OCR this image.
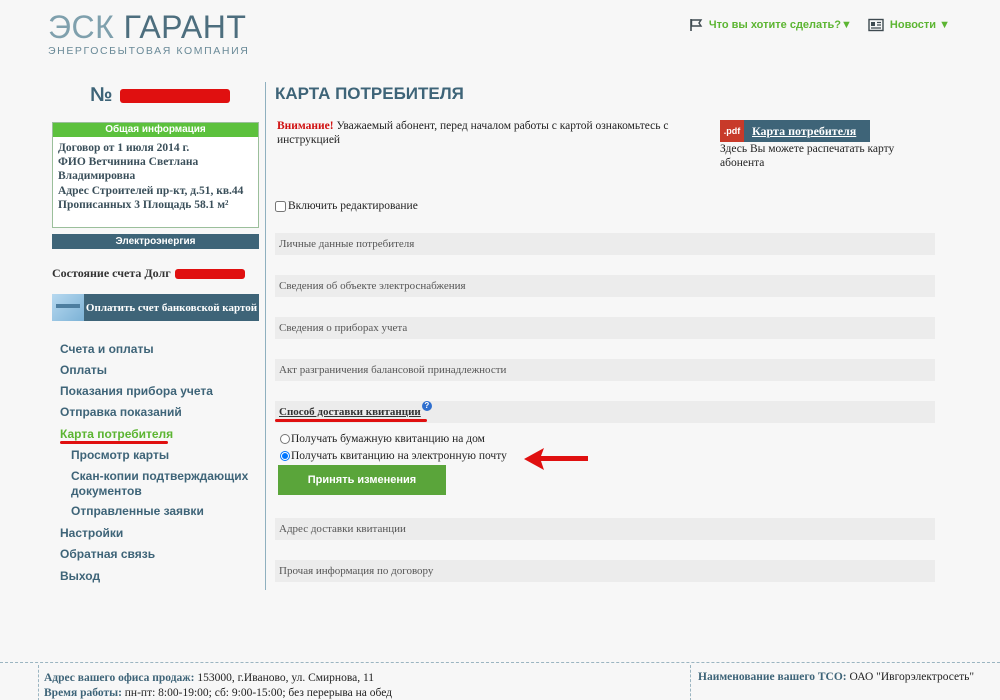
ЭСК ГАРАНТ
ЭНЕРГОСБЫТОВАЯ КОМПАНИЯ
Что вы хотите сделать?▼	Новости ▼
№
Общая информация
Договор от 1 июля 2014 г.
ФИО Ветчинина Светлана Владимировна
Адрес Строителей пр-кт, д.51, кв.44
Прописанных 3 Площадь 58.1 м²
Электроэнергия
Состояние счета Долг
Оплатить счет банковской картой
Счета и оплаты
Оплаты
Показания прибора учета
Отправка показаний
Карта потребителя
Просмотр карты
Скан-копии подтверждающих
документов
Отправленные заявки
Настройки
Обратная связь
Выход
КАРТА ПОТРЕБИТЕЛЯ
Внимание! Уважаемый абонент, перед началом работы с картой ознакомьтесь с инструкцией
.pdf Карта потребителя
Здесь Вы можете распечатать карту абонента
Включить редактирование
Личные данные потребителя
Сведения об объекте электроснабжения
Сведения о приборах учета
Акт разграничения балансовой принадлежности
Способ доставки квитанции?
Получать бумажную квитанцию на дом
Получать квитанцию на электронную почту
Принять изменения
Адрес доставки квитанции
Прочая информация по договору
Адрес вашего офиса продаж: 153000, г.Иваново, ул. Смирнова, 11
Время работы: пн-пт: 8:00-19:00; сб: 9:00-15:00; без перерыва на обед
Наименование вашего ТСО: ОАО "Ивгорэлектросеть"
